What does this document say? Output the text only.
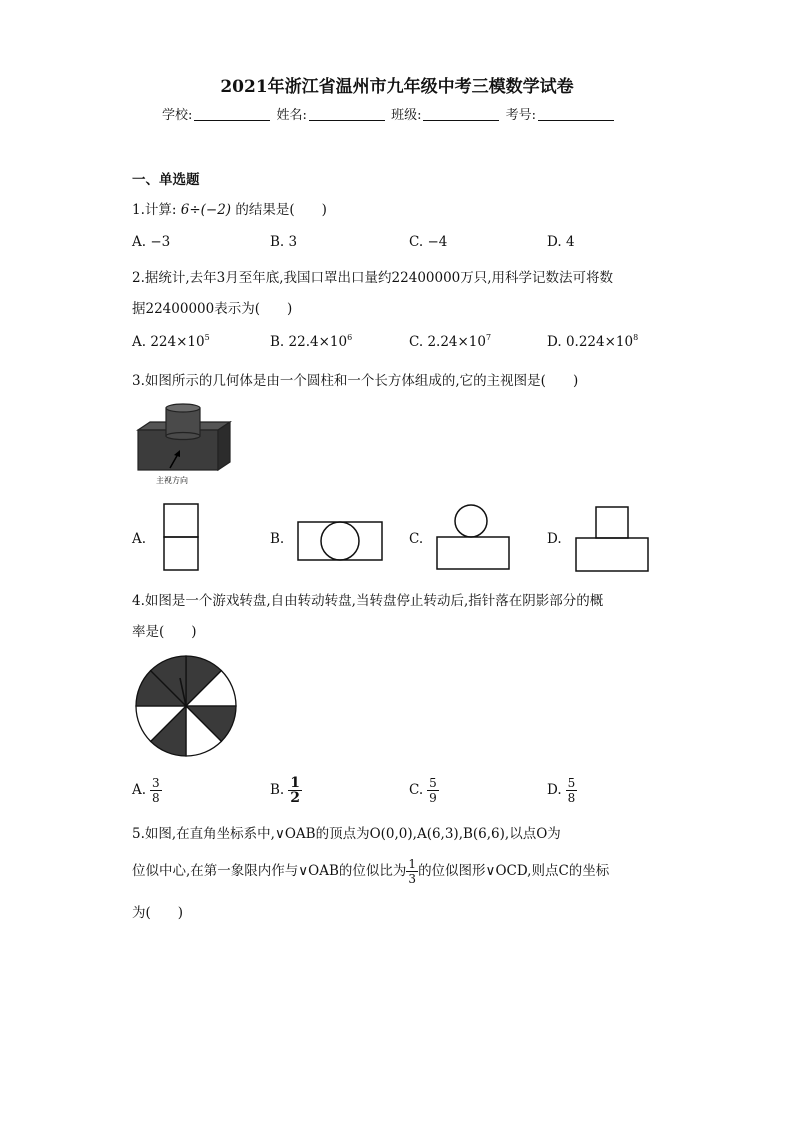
2021年浙江省温州市九年级中考三模数学试卷
学校:	姓名:	班级:	考号:
一、单选题
1.计算: 6÷(−2) 的结果是(　　)
A. −3	B. 3	C. −4	D. 4
2.据统计,去年3月至年底,我国口罩出口量约22400000万只,用科学记数法可将数
据22400000表示为(　　)
A. $224\times 10^5$	B. $22.4\times 10^6$	C. $2.24\times 10^7$	D. $0.224\times 10^8$
3.如图所示的几何体是由一个圆柱和一个长方体组成的,它的主视图是(　　)
主视方向
A.	B.	C.	D.
4.如图是一个游戏转盘,自由转动转盘,当转盘停止转动后,指针落在阴影部分的概
率是(　　)
A. $\frac{3}{8}$	B. $\frac{1}{2}$	C. $\frac{5}{9}$	D. $\frac{5}{8}$
5.如图,在直角坐标系中,∨OAB的顶点为O(0,0),A(6,3),B(6,6),以点O为
位似中心,在第一象限内作与∨OAB的位似比为 $\frac{1}{3}$ 的位似图形∨OCD,则点C的坐标
为(　　)
